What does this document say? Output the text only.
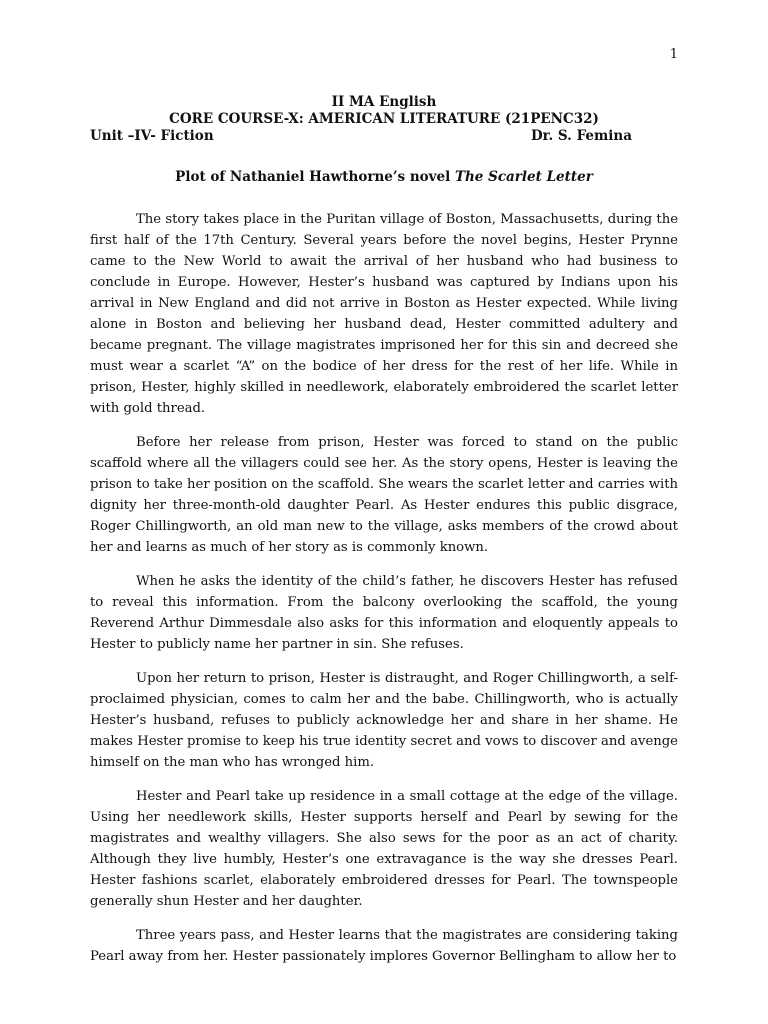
1
II MA English
CORE COURSE-X: AMERICAN LITERATURE (21PENC32)
Unit –IV- Fiction	Dr. S. Femina
Plot of Nathaniel Hawthorne’s novel The Scarlet Letter

The story takes place in the Puritan village of Boston, Massachusetts, during the first half of the 17th Century. Several years before the novel begins, Hester Prynne came to the New World to await the arrival of her husband who had business to conclude in Europe. However, Hester’s husband was captured by Indians upon his arrival in New England and did not arrive in Boston as Hester expected. While living alone in Boston and believing her husband dead, Hester committed adultery and became pregnant. The village magistrates imprisoned her for this sin and decreed she must wear a scarlet “A” on the bodice of her dress for the rest of her life. While in prison, Hester, highly skilled in needlework, elaborately embroidered the scarlet letter with gold thread.

Before her release from prison, Hester was forced to stand on the public scaffold where all the villagers could see her. As the story opens, Hester is leaving the prison to take her position on the scaffold. She wears the scarlet letter and carries with dignity her three-month-old daughter Pearl. As Hester endures this public disgrace, Roger Chillingworth, an old man new to the village, asks members of the crowd about her and learns as much of her story as is commonly known.

When he asks the identity of the child’s father, he discovers Hester has refused to reveal this information. From the balcony overlooking the scaffold, the young Reverend Arthur Dimmesdale also asks for this information and eloquently appeals to Hester to publicly name her partner in sin. She refuses.

Upon her return to prison, Hester is distraught, and Roger Chillingworth, a self-proclaimed physician, comes to calm her and the babe. Chillingworth, who is actually Hester’s husband, refuses to publicly acknowledge her and share in her shame. He makes Hester promise to keep his true identity secret and vows to discover and avenge himself on the man who has wronged him.

Hester and Pearl take up residence in a small cottage at the edge of the village. Using her needlework skills, Hester supports herself and Pearl by sewing for the magistrates and wealthy villagers. She also sews for the poor as an act of charity. Although they live humbly, Hester’s one extravagance is the way she dresses Pearl. Hester fashions scarlet, elaborately embroidered dresses for Pearl. The townspeople generally shun Hester and her daughter.

Three years pass, and Hester learns that the magistrates are considering taking Pearl away from her. Hester passionately implores Governor Bellingham to allow her to
